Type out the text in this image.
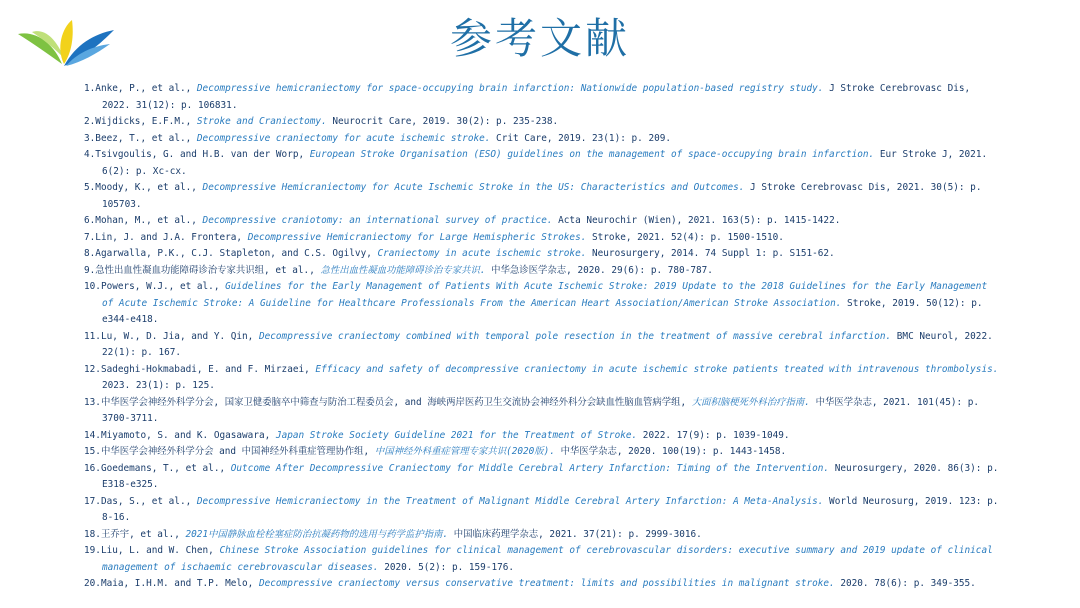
参考文献
1.Anke, P., et al., Decompressive hemicraniectomy for space-occupying brain infarction: Nationwide population-based registry study. J Stroke Cerebrovasc Dis, 2022. 31(12): p. 106831.
2.Wijdicks, E.F.M., Stroke and Craniectomy. Neurocrit Care, 2019. 30(2): p. 235-238.
3.Beez, T., et al., Decompressive craniectomy for acute ischemic stroke. Crit Care, 2019. 23(1): p. 209.
4.Tsivgoulis, G. and H.B. van der Worp, European Stroke Organisation (ESO) guidelines on the management of space-occupying brain infarction. Eur Stroke J, 2021. 6(2): p. Xc-cx.
5.Moody, K., et al., Decompressive Hemicraniectomy for Acute Ischemic Stroke in the US: Characteristics and Outcomes. J Stroke Cerebrovasc Dis, 2021. 30(5): p. 105703.
6.Mohan, M., et al., Decompressive craniotomy: an international survey of practice. Acta Neurochir (Wien), 2021. 163(5): p. 1415-1422.
7.Lin, J. and J.A. Frontera, Decompressive Hemicraniectomy for Large Hemispheric Strokes. Stroke, 2021. 52(4): p. 1500-1510.
8.Agarwalla, P.K., C.J. Stapleton, and C.S. Ogilvy, Craniectomy in acute ischemic stroke. Neurosurgery, 2014. 74 Suppl 1: p. S151-62.
9.急性出血性凝血功能障碍诊治专家共识组, et al., 急性出血性凝血功能障碍诊治专家共识. 中华急诊医学杂志, 2020. 29(6): p. 780-787.
10.Powers, W.J., et al., Guidelines for the Early Management of Patients With Acute Ischemic Stroke: 2019 Update to the 2018 Guidelines for the Early Management of Acute Ischemic Stroke: A Guideline for Healthcare Professionals From the American Heart Association/American Stroke Association. Stroke, 2019. 50(12): p. e344-e418.
11.Lu, W., D. Jia, and Y. Qin, Decompressive craniectomy combined with temporal pole resection in the treatment of massive cerebral infarction. BMC Neurol, 2022. 22(1): p. 167.
12.Sadeghi-Hokmabadi, E. and F. Mirzaei, Efficacy and safety of decompressive craniectomy in acute ischemic stroke patients treated with intravenous thrombolysis. 2023. 23(1): p. 125.
13.中华医学会神经外科学分会, 国家卫健委脑卒中筛查与防治工程委员会, and 海峡两岸医药卫生交流协会神经外科分会缺血性脑血管病学组, 大面积脑梗死外科治疗指南. 中华医学杂志, 2021. 101(45): p. 3700-3711.
14.Miyamoto, S. and K. Ogasawara, Japan Stroke Society Guideline 2021 for the Treatment of Stroke. 2022. 17(9): p. 1039-1049.
15.中华医学会神经外科学分会 and 中国神经外科重症管理协作组, 中国神经外科重症管理专家共识(2020版). 中华医学杂志, 2020. 100(19): p. 1443-1458.
16.Goedemans, T., et al., Outcome After Decompressive Craniectomy for Middle Cerebral Artery Infarction: Timing of the Intervention. Neurosurgery, 2020. 86(3): p. E318-e325.
17.Das, S., et al., Decompressive Hemicraniectomy in the Treatment of Malignant Middle Cerebral Artery Infarction: A Meta-Analysis. World Neurosurg, 2019. 123: p. 8-16.
18.王乔宇, et al., 2021中国静脉血栓栓塞症防治抗凝药物的选用与药学监护指南. 中国临床药理学杂志, 2021. 37(21): p. 2999-3016.
19.Liu, L. and W. Chen, Chinese Stroke Association guidelines for clinical management of cerebrovascular disorders: executive summary and 2019 update of clinical management of ischaemic cerebrovascular diseases. 2020. 5(2): p. 159-176.
20.Maia, I.H.M. and T.P. Melo, Decompressive craniectomy versus conservative treatment: limits and possibilities in malignant stroke. 2020. 78(6): p. 349-355.
